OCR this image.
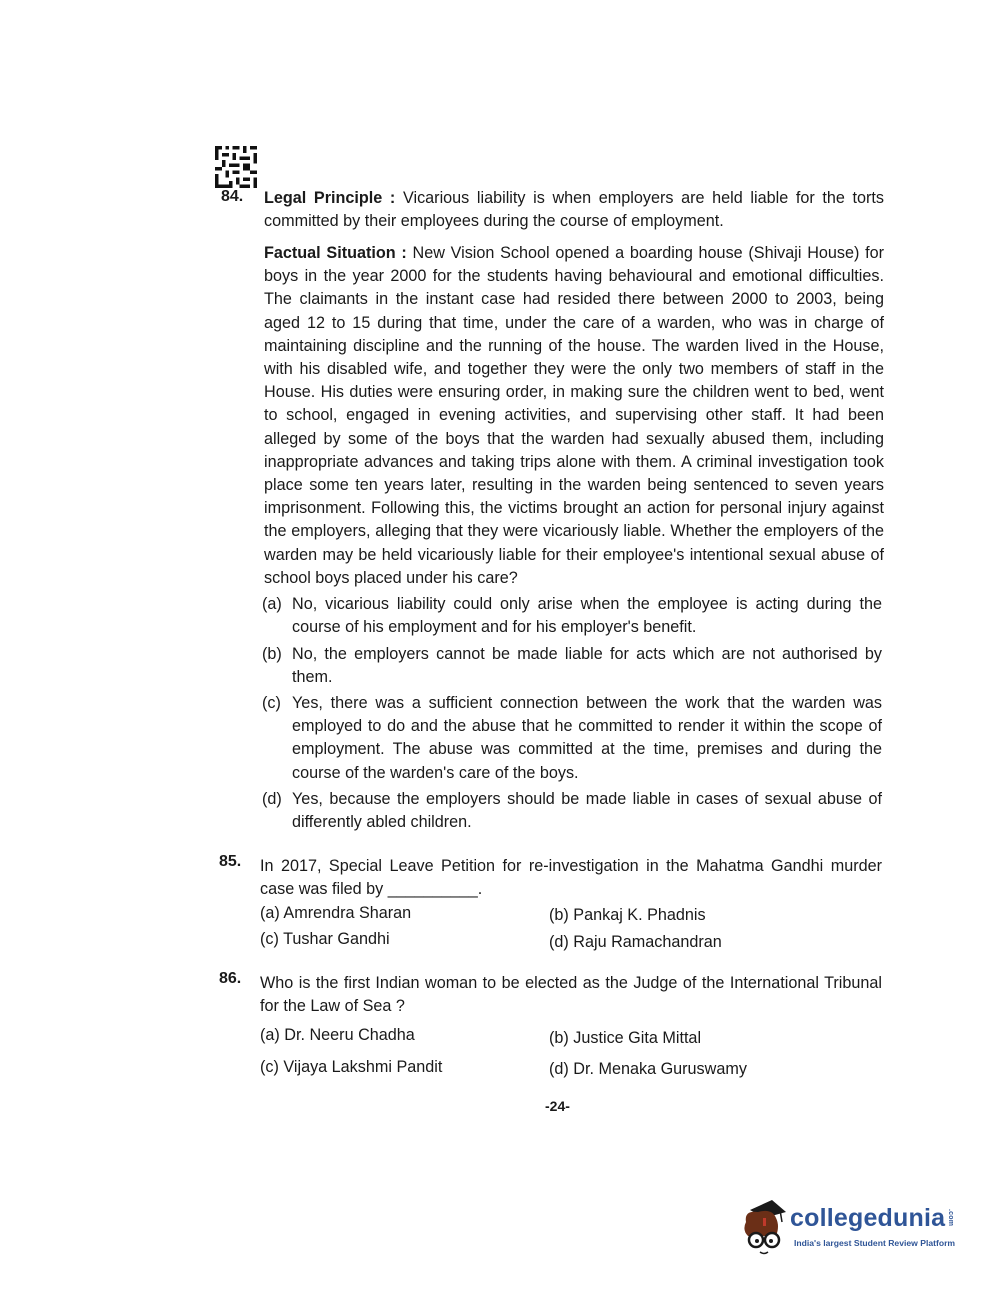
84. Legal Principle : Vicarious liability is when employers are held liable for the torts committed by their employees during the course of employment.
Factual Situation : New Vision School opened a boarding house (Shivaji House) for boys in the year 2000 for the students having behavioural and emotional difficulties. The claimants in the instant case had resided there between 2000 to 2003, being aged 12 to 15 during that time, under the care of a warden, who was in charge of maintaining discipline and the running of the house. The warden lived in the House, with his disabled wife, and together they were the only two members of staff in the House. His duties were ensuring order, in making sure the children went to bed, went to school, engaged in evening activities, and supervising other staff. It had been alleged by some of the boys that the warden had sexually abused them, including inappropriate advances and taking trips alone with them. A criminal investigation took place some ten years later, resulting in the warden being sentenced to seven years imprisonment. Following this, the victims brought an action for personal injury against the employers, alleging that they were vicariously liable. Whether the employers of the warden may be held vicariously liable for their employee's intentional sexual abuse of school boys placed under his care?
(a) No, vicarious liability could only arise when the employee is acting during the course of his employment and for his employer's benefit.
(b) No, the employers cannot be made liable for acts which are not authorised by them.
(c) Yes, there was a sufficient connection between the work that the warden was employed to do and the abuse that he committed to render it within the scope of employment. The abuse was committed at the time, premises and during the course of the warden's care of the boys.
(d) Yes, because the employers should be made liable in cases of sexual abuse of differently abled children.
85. In 2017, Special Leave Petition for re-investigation in the Mahatma Gandhi murder case was filed by __________.
(a) Amrendra Sharan	(b) Pankaj K. Phadnis
(c) Tushar Gandhi	(d) Raju Ramachandran
86. Who is the first Indian woman to be elected as the Judge of the International Tribunal for the Law of Sea ?
(a) Dr. Neeru Chadha	(b) Justice Gita Mittal
(c) Vijaya Lakshmi Pandit	(d) Dr. Menaka Guruswamy
-24-
collegedunia .com
India's largest Student Review Platform
